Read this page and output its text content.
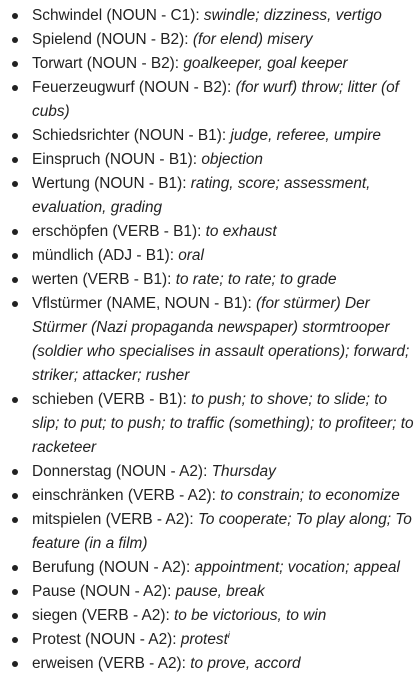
Schwindel (NOUN - C1): swindle; dizziness, vertigo
Spielend (NOUN - B2): (for elend) misery
Torwart (NOUN - B2): goalkeeper, goal keeper
Feuerzeugwurf (NOUN - B2): (for wurf) throw; litter (of cubs)
Schiedsrichter (NOUN - B1): judge, referee, umpire
Einspruch (NOUN - B1): objection
Wertung (NOUN - B1): rating, score; assessment, evaluation, grading
erschöpfen (VERB - B1): to exhaust
mündlich (ADJ - B1): oral
werten (VERB - B1): to rate; to rate; to grade
Vflstürmer (NAME, NOUN - B1): (for stürmer) Der Stürmer (Nazi propaganda newspaper) stormtrooper (soldier who specialises in assault operations); forward; striker; attacker; rusher
schieben (VERB - B1): to push; to shove; to slide; to slip; to put; to push; to traffic (something); to profiteer; to racketeer
Donnerstag (NOUN - A2): Thursday
einschränken (VERB - A2): to constrain; to economize
mitspielen (VERB - A2): To cooperate; To play along; To feature (in a film)
Berufung (NOUN - A2): appointment; vocation; appeal
Pause (NOUN - A2): pause, break
siegen (VERB - A2): to be victorious, to win
Protest (NOUN - A2): protest$^i$
erweisen (VERB - A2): to prove, accord
